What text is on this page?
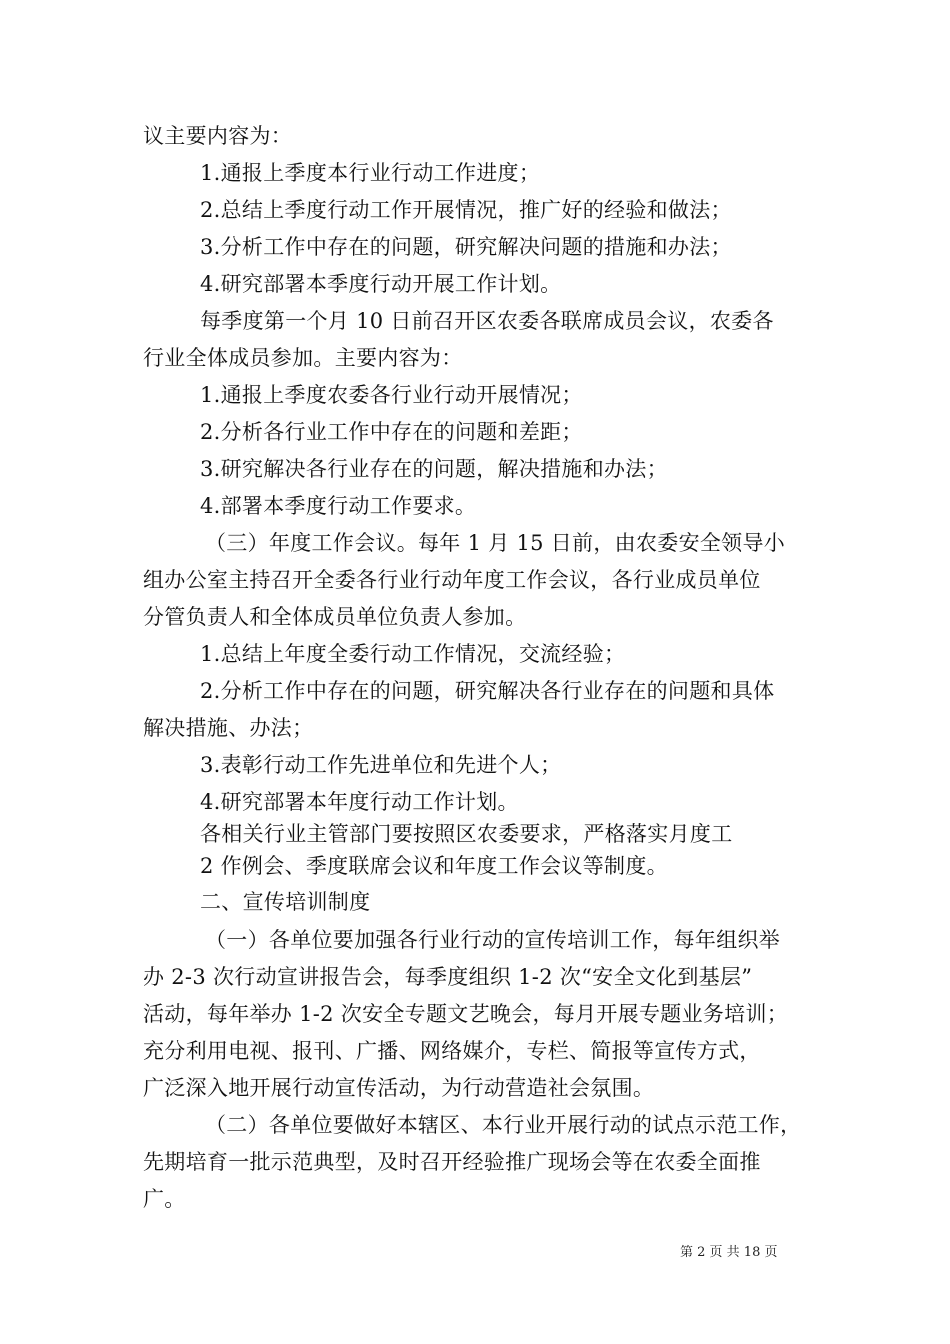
议主要内容为：
1.通报上季度本行业行动工作进度；
2.总结上季度行动工作开展情况，推广好的经验和做法；
3.分析工作中存在的问题，研究解决问题的措施和办法；
4.研究部署本季度行动开展工作计划。
每季度第一个月 10 日前召开区农委各联席成员会议，农委各
行业全体成员参加。主要内容为：
1.通报上季度农委各行业行动开展情况；
2.分析各行业工作中存在的问题和差距；
3.研究解决各行业存在的问题，解决措施和办法；
4.部署本季度行动工作要求。
（三）年度工作会议。每年 1 月 15 日前，由农委安全领导小
组办公室主持召开全委各行业行动年度工作会议，各行业成员单位
分管负责人和全体成员单位负责人参加。
1.总结上年度全委行动工作情况，交流经验；
2.分析工作中存在的问题，研究解决各行业存在的问题和具体
解决措施、办法；
3.表彰行动工作先进单位和先进个人；
4.研究部署本年度行动工作计划。
各相关行业主管部门要按照区农委要求，严格落实月度工
2 作例会、季度联席会议和年度工作会议等制度。
二、宣传培训制度
（一）各单位要加强各行业行动的宣传培训工作，每年组织举
办 2-3 次行动宣讲报告会，每季度组织 1-2 次“安全文化到基层”
活动，每年举办 1-2 次安全专题文艺晚会，每月开展专题业务培训；
充分利用电视、报刊、广播、网络媒介，专栏、简报等宣传方式，
广泛深入地开展行动宣传活动，为行动营造社会氛围。
（二）各单位要做好本辖区、本行业开展行动的试点示范工作，
先期培育一批示范典型，及时召开经验推广现场会等在农委全面推
广。
第 2 页 共 18 页
